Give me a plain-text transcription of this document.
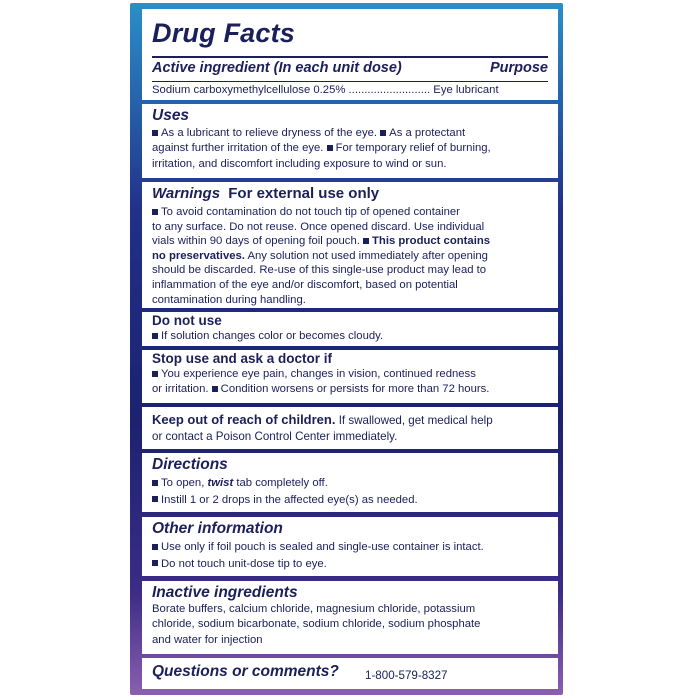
Drug Facts
Active ingredient (In each unit dose)	Purpose
Sodium carboxymethylcellulose 0.25% .......................... Eye lubricant
Uses
As a lubricant to relieve dryness of the eye. As a protectant
against further irritation of the eye. For temporary relief of burning,
irritation, and discomfort including exposure to wind or sun.
Warnings For external use only
To avoid contamination do not touch tip of opened container
to any surface. Do not reuse. Once opened discard. Use individual
vials within 90 days of opening foil pouch. This product contains
no preservatives. Any solution not used immediately after opening
should be discarded. Re-use of this single-use product may lead to
inflammation of the eye and/or discomfort, based on potential
contamination during handling.
Do not use
If solution changes color or becomes cloudy.
Stop use and ask a doctor if
You experience eye pain, changes in vision, continued redness
or irritation. Condition worsens or persists for more than 72 hours.
Keep out of reach of children. If swallowed, get medical help
or contact a Poison Control Center immediately.
Directions
To open, twist tab completely off.
Instill 1 or 2 drops in the affected eye(s) as needed.
Other information
Use only if foil pouch is sealed and single-use container is intact.
Do not touch unit-dose tip to eye.
Inactive ingredients
Borate buffers, calcium chloride, magnesium chloride, potassium
chloride, sodium bicarbonate, sodium chloride, sodium phosphate
and water for injection
Questions or comments? 1-800-579-8327
